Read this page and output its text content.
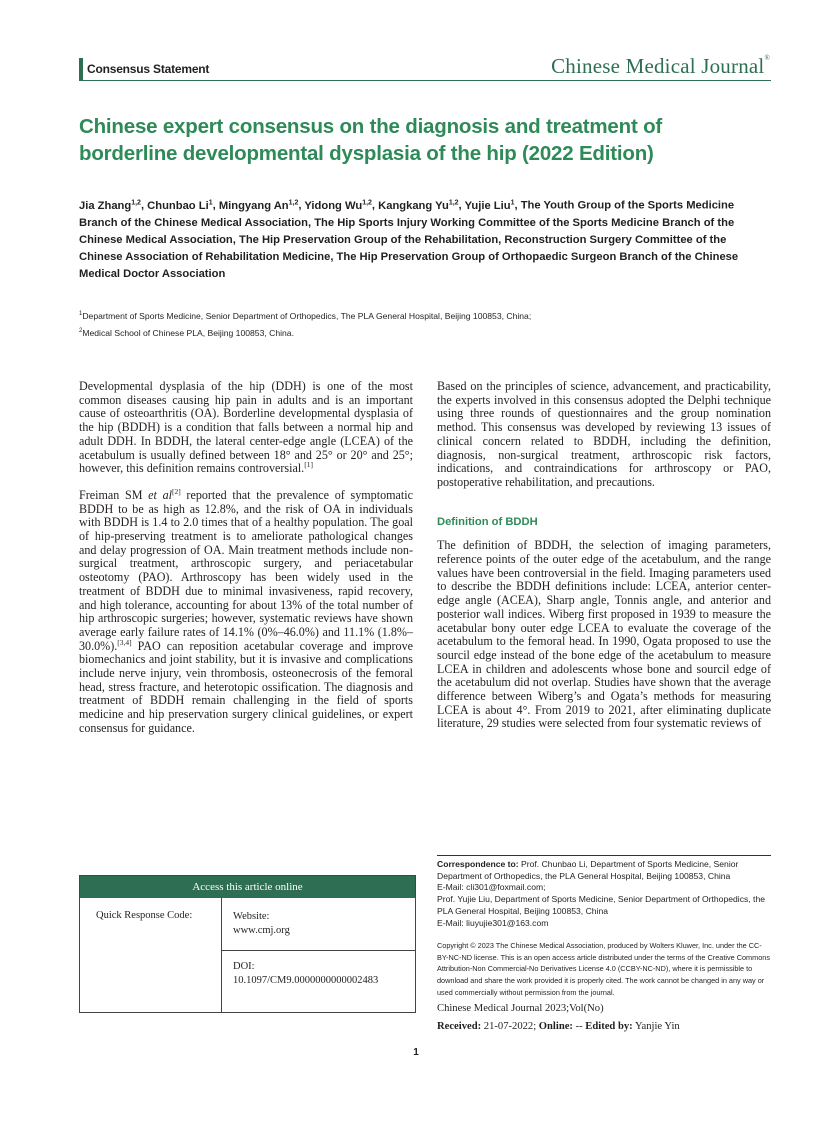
Consensus Statement	Chinese Medical Journal®
Chinese expert consensus on the diagnosis and treatment of borderline developmental dysplasia of the hip (2022 Edition)
Jia Zhang$^{1,2}$, Chunbao Li$^1$, Mingyang An$^{1,2}$, Yidong Wu$^{1,2}$, Kangkang Yu$^{1,2}$, Yujie Liu$^1$, The Youth Group of the Sports Medicine Branch of the Chinese Medical Association, The Hip Sports Injury Working Committee of the Sports Medicine Branch of the Chinese Medical Association, The Hip Preservation Group of the Rehabilitation, Reconstruction Surgery Committee of the Chinese Association of Rehabilitation Medicine, The Hip Preservation Group of Orthopaedic Surgeon Branch of the Chinese Medical Doctor Association
$^1$Department of Sports Medicine, Senior Department of Orthopedics, The PLA General Hospital, Beijing 100853, China;
$^2$Medical School of Chinese PLA, Beijing 100853, China.

Developmental dysplasia of the hip (DDH) is one of the most common diseases causing hip pain in adults and is an important cause of osteoarthritis (OA). Borderline developmental dysplasia of the hip (BDDH) is a condition that falls between a normal hip and adult DDH. In BDDH, the lateral center-edge angle (LCEA) of the acetabulum is usually defined between 18° and 25° or 20° and 25°; however, this definition remains controversial.[1]

Freiman SM et al[2] reported that the prevalence of symptomatic BDDH to be as high as 12.8%, and the risk of OA in individuals with BDDH is 1.4 to 2.0 times that of a healthy population. The goal of hip-preserving treatment is to ameliorate pathological changes and delay progression of OA. Main treatment methods include non-surgical treatment, arthroscopic surgery, and periacetabular osteotomy (PAO). Arthroscopy has been widely used in the treatment of BDDH due to minimal invasiveness, rapid recovery, and high tolerance, accounting for about 13% of the total number of hip arthroscopic surgeries; however, systematic reviews have shown average early failure rates of 14.1% (0%–46.0%) and 11.1% (1.8%–30.0%).[3,4] PAO can reposition acetabular coverage and improve biomechanics and joint stability, but it is invasive and complications include nerve injury, vein thrombosis, osteonecrosis of the femoral head, stress fracture, and heterotopic ossification. The diagnosis and treatment of BDDH remain challenging in the field of sports medicine and hip preservation surgery clinical guidelines, or expert consensus for guidance.

Based on the principles of science, advancement, and practicability, the experts involved in this consensus adopted the Delphi technique using three rounds of questionnaires and the group nomination method. This consensus was developed by reviewing 13 issues of clinical concern related to BDDH, including the definition, diagnosis, non-surgical treatment, arthroscopic risk factors, indications, and contraindications for arthroscopy or PAO, postoperative rehabilitation, and precautions.

Definition of BDDH

The definition of BDDH, the selection of imaging parameters, reference points of the outer edge of the acetabulum, and the range values have been controversial in the field. Imaging parameters used to describe the BDDH definitions include: LCEA, anterior center-edge angle (ACEA), Sharp angle, Tonnis angle, and anterior and posterior wall indices. Wiberg first proposed in 1939 to measure the acetabular bony outer edge LCEA to evaluate the coverage of the acetabulum to the femoral head. In 1990, Ogata proposed to use the sourcil edge instead of the bone edge of the acetabulum to measure LCEA in children and adolescents whose bone and sourcil edge of the acetabulum did not overlap. Studies have shown that the average difference between Wiberg’s and Ogata’s methods for measuring LCEA is about 4°. From 2019 to 2021, after eliminating duplicate literature, 29 studies were selected from four systematic reviews of

Access this article online
Quick Response Code:	Website:
www.cmj.org
DOI:
10.1097/CM9.0000000000002483
Correspondence to: Prof. Chunbao Li, Department of Sports Medicine, Senior Department of Orthopedics, the PLA General Hospital, Beijing 100853, China
E-Mail: cli301@foxmail.com;
Prof. Yujie Liu, Department of Sports Medicine, Senior Department of Orthopedics, the PLA General Hospital, Beijing 100853, China
E-Mail: liuyujie301@163.com
Copyright © 2023 The Chinese Medical Association, produced by Wolters Kluwer, Inc. under the CC-BY-NC-ND license. This is an open access article distributed under the terms of the Creative Commons Attribution-Non Commercial-No Derivatives License 4.0 (CCBY-NC-ND), where it is permissible to download and share the work provided it is properly cited. The work cannot be changed in any way or used commercially without permission from the journal.
Chinese Medical Journal 2023;Vol(No)
Received: 21-07-2022; Online: -- Edited by: Yanjie Yin
1
